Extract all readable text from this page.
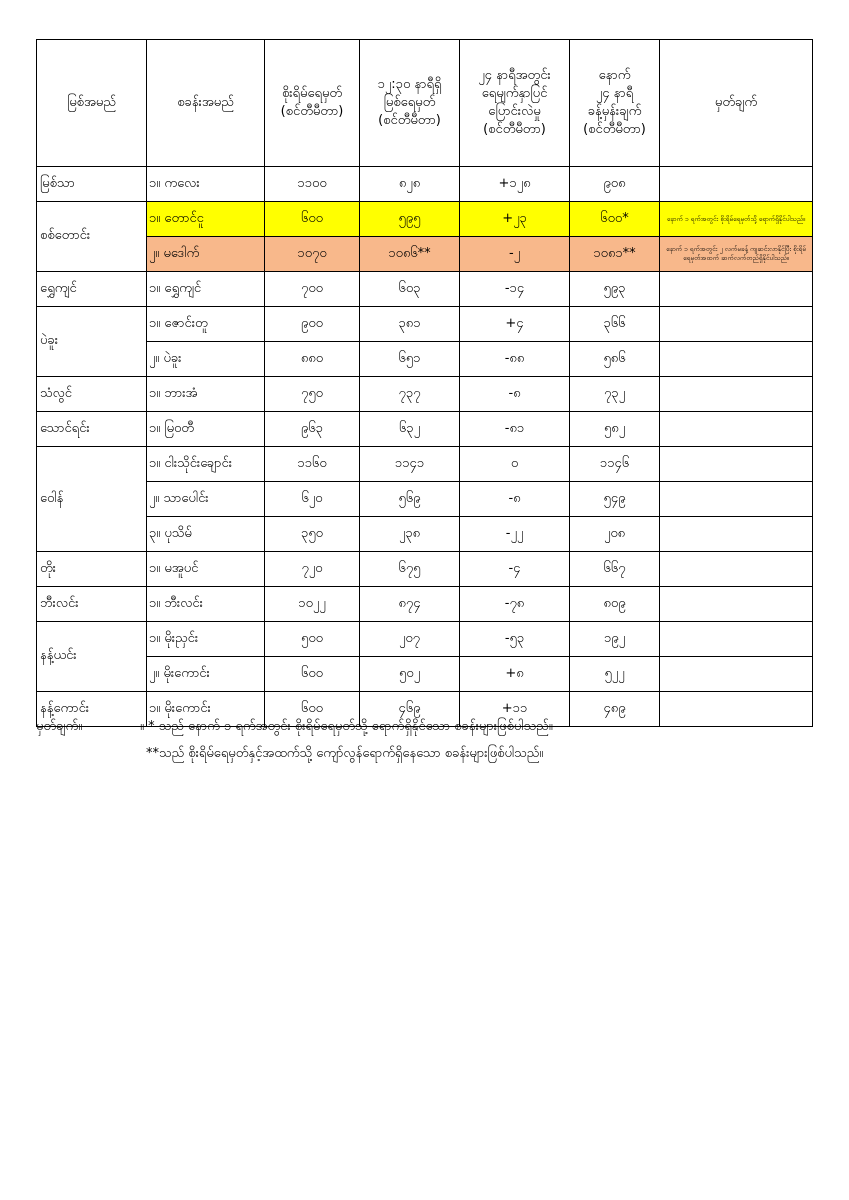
မြစ်အမည်	စခန်းအမည်	စိုးရိမ်ရေမှတ်
(စင်တီမီတာ)	၁၂:၃၀ နာရီရှိ
မြစ်ရေမှတ်
(စင်တီမီတာ)	၂၄ နာရီအတွင်း
ရေမျက်နှာပြင်
ပြောင်းလဲမှု
(စင်တီမီတာ)	နောက်
၂၄ နာရီ
ခန့်မှန်းချက်
(စင်တီမီတာ)	မှတ်ချက်
မြစ်သာ	၁။ ကလေး	၁၁၀၀	၈၂၈	+၁၂၈	၉၀၈	
စစ်တောင်း	၁။ တောင်ငူ	၆၀၀	၅၉၅	+၂၃	၆၀၀*	နောက် ၁ ရက်အတွင်း စိုးရိမ်ရေမှတ်သို့ ရောက်ရှိနိုင်ပါသည်။
	၂။ မဒေါက်	၁၀၇၀	၁၀၈၆**	-၂	၁၀၈၁**	နောက် ၁ ရက်အတွင်း ၂ လက်မခန့် ကျဆင်းလာနိုင်ပြီး စိုးရိမ်ရေမှတ်အထက် ဆက်လက်တည်ရှိနိုင်ပါသည်။
ရွှေကျင်	၁။ ရွှေကျင်	၇၀၀	၆၀၃	-၁၄	၅၉၃	
ပဲခူး	၁။ ဇောင်းတူ	၉၀၀	၃၈၁	+၄	၃၆၆	
	၂။ ပဲခူး	၈၈၀	၆၅၁	-၈၈	၅၈၆	
သံလွင်	၁။ ဘားအံ	၇၅၀	၇၃၇	-၈	၇၃၂	
သောင်ရင်း	၁။ မြဝတီ	၉၆၃	၆၃၂	-၈၁	၅၈၂	
ဝေါန်	၁။ ငါးသိုင်းချောင်း	၁၁၆၀	၁၁၄၁	၀	၁၁၄၆	
	၂။ သာပေါင်း	၆၂၀	၅၆၉	-၈	၅၄၉	
	၃။ ပုသိမ်	၃၅၀	၂၃၈	-၂၂	၂၀၈	
တိုး	၁။ မအူပင်	၇၂၀	၆၇၅	-၄	၆၆၇	
ဘီးလင်း	၁။ ဘီးလင်း	၁၀၂၂	၈၇၄	-၇၈	၈၀၉	
နန့်ယင်း	၁။ မိုးညှင်း	၅၀၀	၂၀၇	-၅၃	၁၉၂	
	၂။ မိုးကောင်း	၆၀၀	၅၀၂	+၈	၅၂၂	
နန့်ကောင်း	၁။ မိုးကောင်း	၆၀၀	၄၆၉	+၁၁	၄၈၉	
မှတ်ချက်။	။ * သည် နောက် ၁ ရက်အတွင်း စိုးရိမ်ရေမှတ်သို့ ရောက်ရှိနိုင်သော စခန်းများဖြစ်ပါသည်။
**သည် စိုးရိမ်ရေမှတ်နှင့်အထက်သို့ ကျော်လွန်ရောက်ရှိနေသော စခန်းများဖြစ်ပါသည်။
